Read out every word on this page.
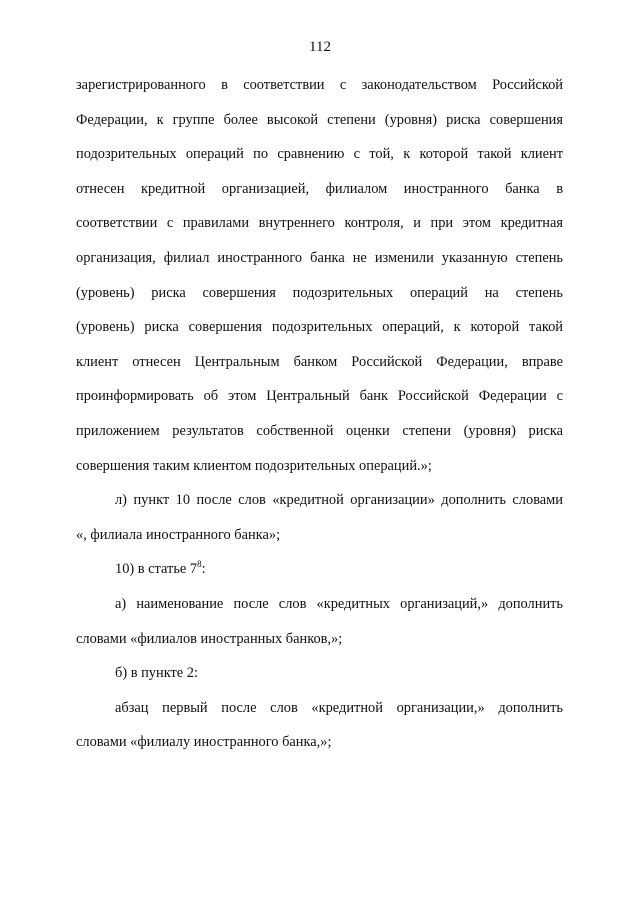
112
зарегистрированного в соответствии с законодательством Российской
Федерации, к группе более высокой степени (уровня) риска совершения
подозрительных операций по сравнению с той, к которой такой клиент
отнесен кредитной организацией, филиалом иностранного банка в
соответствии с правилами внутреннего контроля, и при этом кредитная
организация, филиал иностранного банка не изменили указанную степень
(уровень) риска совершения подозрительных операций на степень
(уровень) риска совершения подозрительных операций, к которой такой
клиент отнесен Центральным банком Российской Федерации, вправе
проинформировать об этом Центральный банк Российской Федерации с
приложением результатов собственной оценки степени (уровня) риска
совершения таким клиентом подозрительных операций.»;
л) пункт 10 после слов «кредитной организации» дополнить словами
«, филиала иностранного банка»;
10) в статье $7^8$:
а) наименование после слов «кредитных организаций,» дополнить
словами «филиалов иностранных банков,»;
б) в пункте 2:
абзац первый после слов «кредитной организации,» дополнить
словами «филиалу иностранного банка,»;
